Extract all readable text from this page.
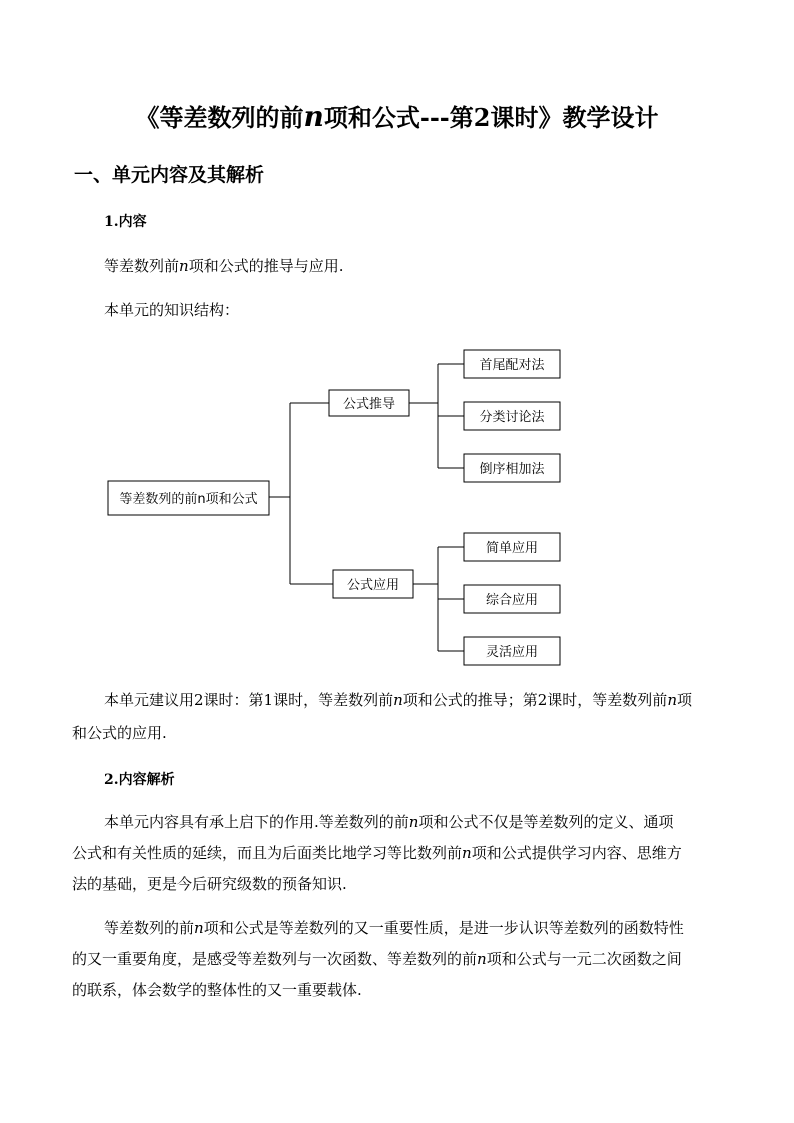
《等差数列的前n项和公式---第2课时》教学设计
一、单元内容及其解析
1.内容
等差数列前n项和公式的推导与应用.
本单元的知识结构：
等差数列的前n项和公式
公式推导
公式应用
首尾配对法
分类讨论法
倒序相加法
简单应用
综合应用
灵活应用
本单元建议用2课时：第1课时，等差数列前n项和公式的推导；第2课时，等差数列前n项
和公式的应用.
2.内容解析
本单元内容具有承上启下的作用.等差数列的前n项和公式不仅是等差数列的定义、通项
公式和有关性质的延续，而且为后面类比地学习等比数列前n项和公式提供学习内容、思维方
法的基础，更是今后研究级数的预备知识.
等差数列的前n项和公式是等差数列的又一重要性质，是进一步认识等差数列的函数特性
的又一重要角度，是感受等差数列与一次函数、等差数列的前n项和公式与一元二次函数之间
的联系，体会数学的整体性的又一重要载体.
